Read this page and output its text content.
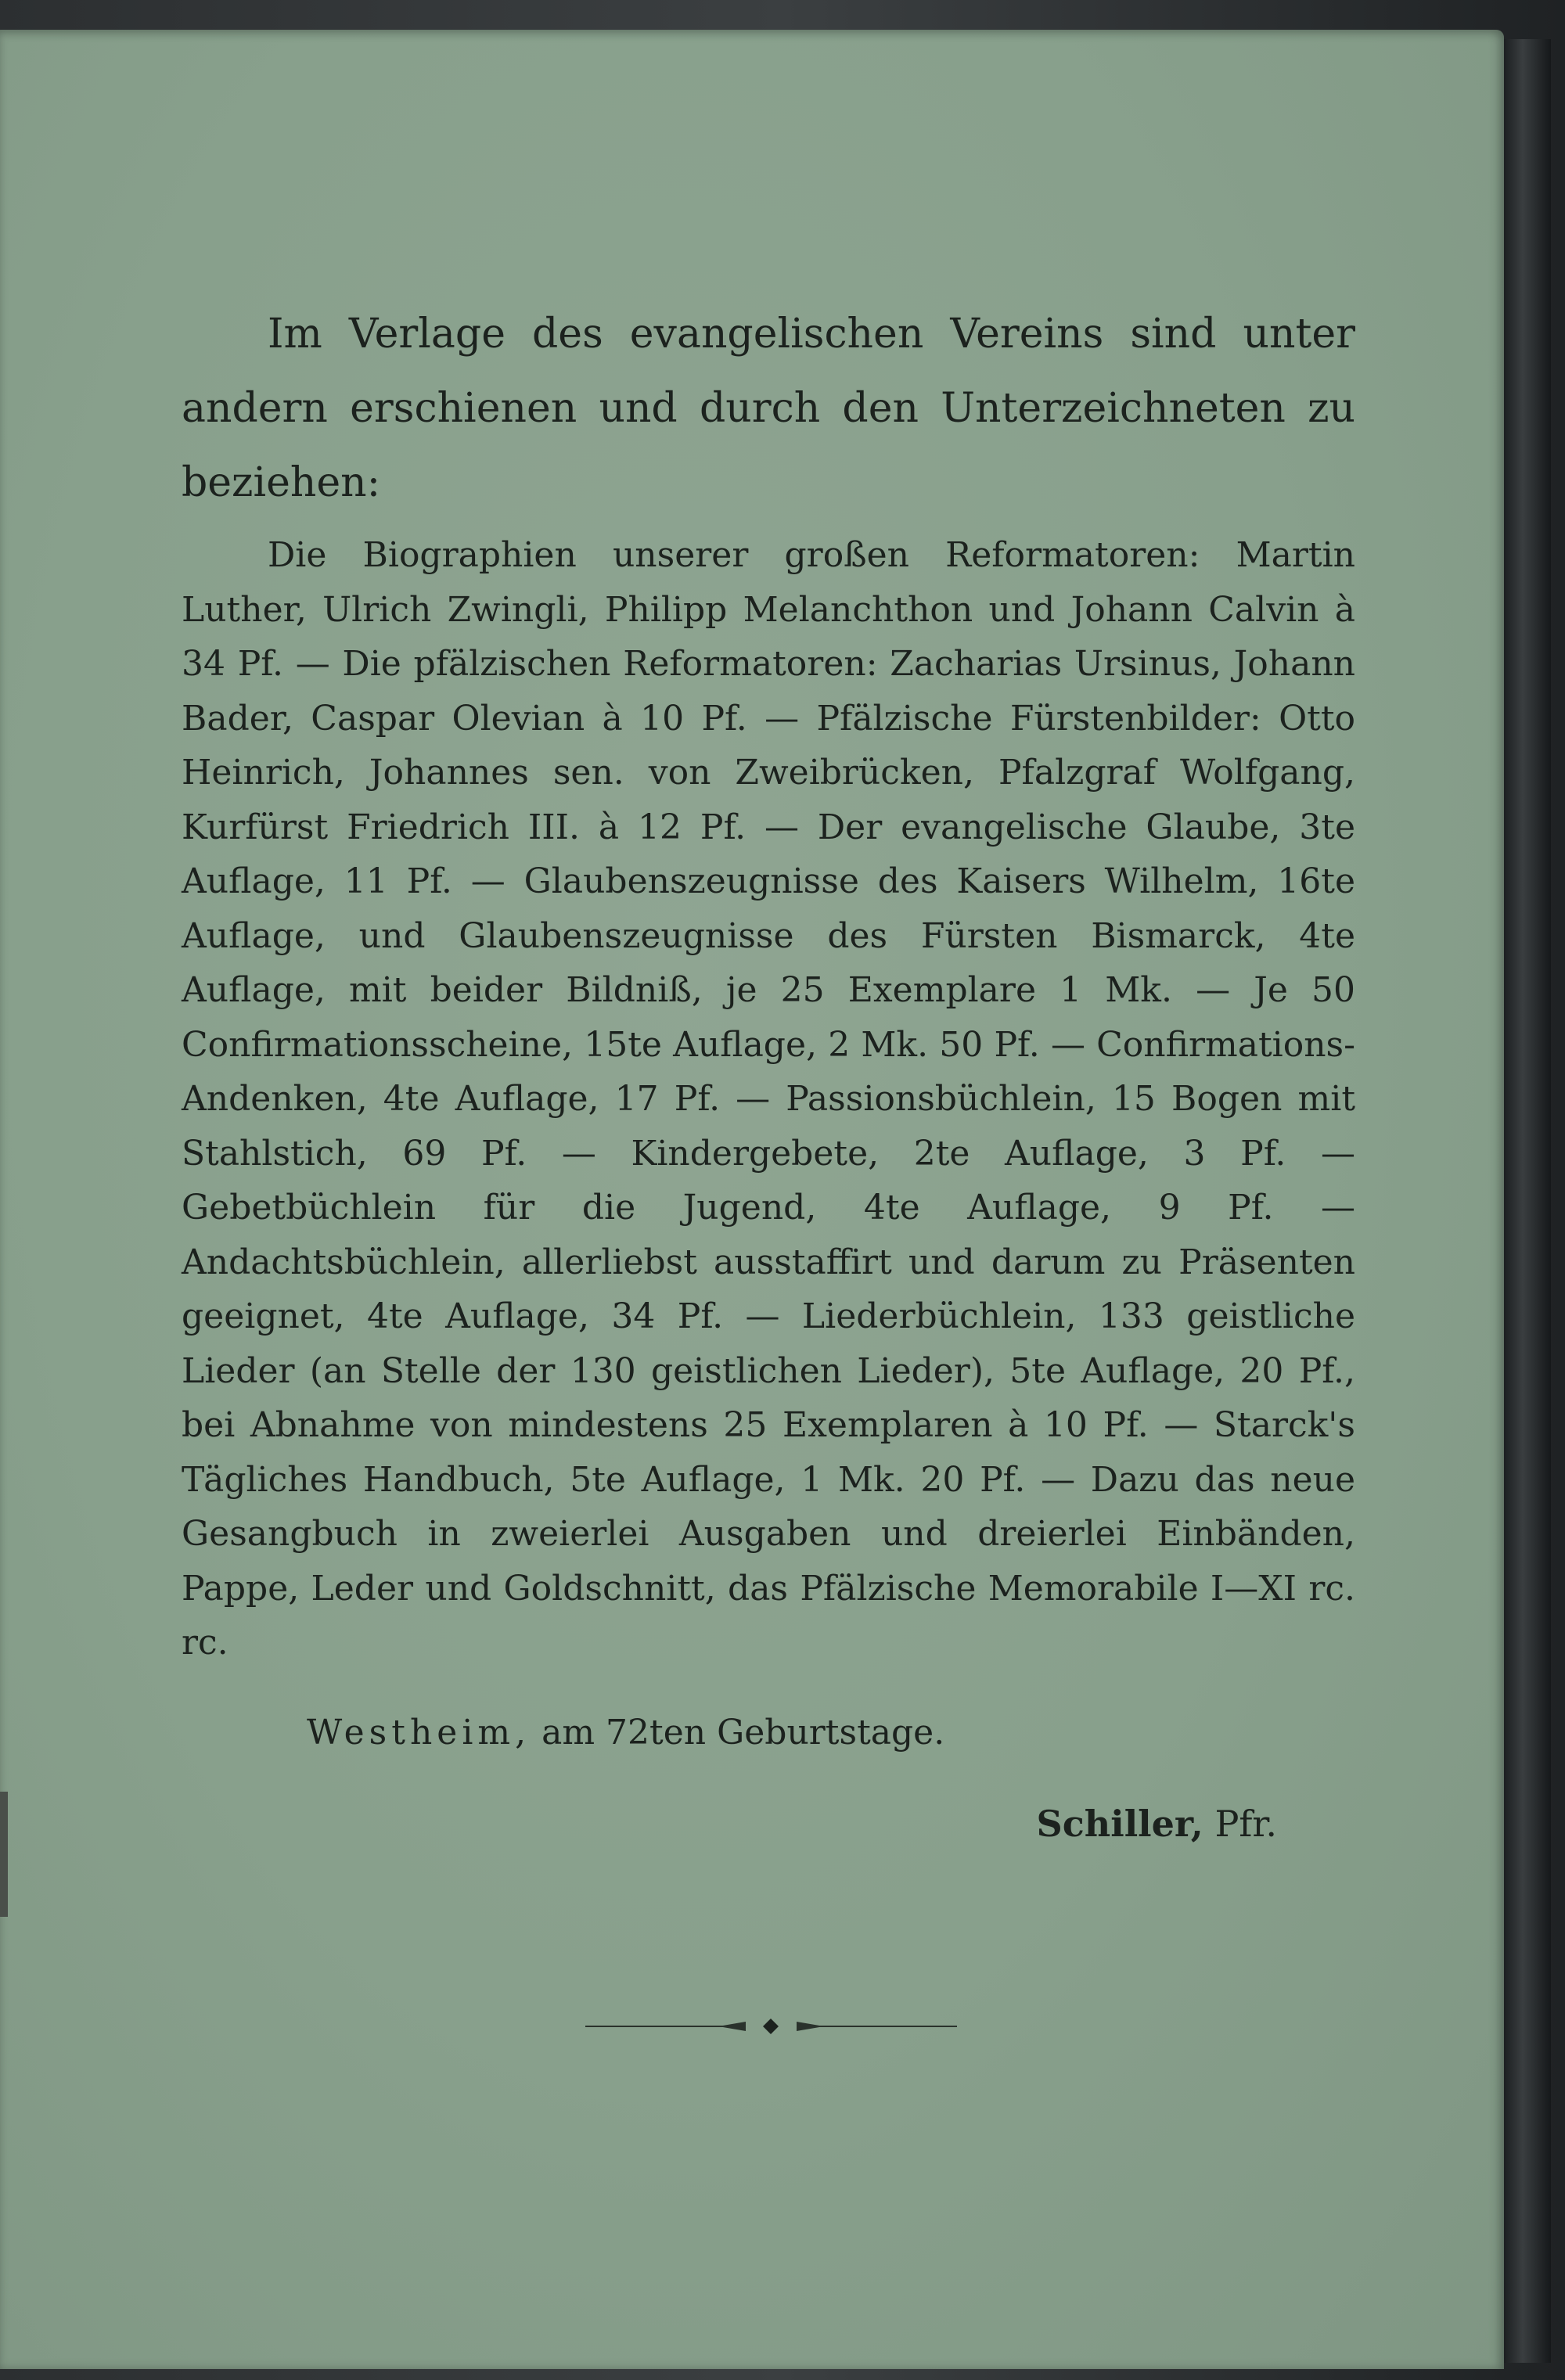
Im Verlage des evangelischen Vereins sind unter andern erschienen und durch den Unterzeichneten zu beziehen:

Die Biographien unserer großen Reformatoren: Martin Luther, Ulrich Zwingli, Philipp Melanchthon und Johann Calvin à 34 Pf. — Die pfälzischen Reformatoren: Zacharias Ursinus, Johann Bader, Caspar Olevian à 10 Pf. — Pfälzische Fürstenbilder: Otto Heinrich, Johannes sen. von Zweibrücken, Pfalzgraf Wolfgang, Kurfürst Friedrich III. à 12 Pf. — Der evangelische Glaube, 3te Auflage, 11 Pf. — Glaubenszeugnisse des Kaisers Wilhelm, 16te Auflage, und Glaubenszeugnisse des Fürsten Bismarck, 4te Auflage, mit beider Bildniß, je 25 Exemplare 1 Mk. — Je 50 Confirmationsscheine, 15te Auflage, 2 Mk. 50 Pf. — Confirmations-Andenken, 4te Auflage, 17 Pf. — Passionsbüchlein, 15 Bogen mit Stahlstich, 69 Pf. — Kindergebete, 2te Auflage, 3 Pf. — Gebetbüchlein für die Jugend, 4te Auflage, 9 Pf. — Andachtsbüchlein, allerliebst ausstaffirt und darum zu Präsenten geeignet, 4te Auflage, 34 Pf. — Liederbüchlein, 133 geistliche Lieder (an Stelle der 130 geistlichen Lieder), 5te Auflage, 20 Pf., bei Abnahme von mindestens 25 Exemplaren à 10 Pf. — Starck's Tägliches Handbuch, 5te Auflage, 1 Mk. 20 Pf. — Dazu das neue Gesangbuch in zweierlei Ausgaben und dreierlei Einbänden, Pappe, Leder und Goldschnitt, das Pfälzische Memorabile I—XI rc. rc.

Westheim, am 72ten Geburtstage.

Schiller, Pfr.
